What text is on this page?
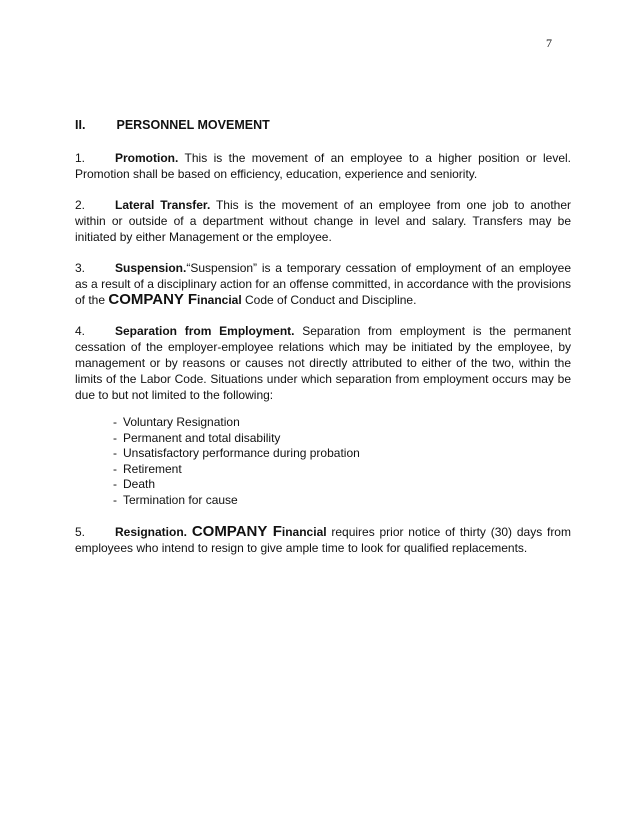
7
II. PERSONNEL MOVEMENT

1. Promotion. This is the movement of an employee to a higher position or level. Promotion shall be based on efficiency, education, experience and seniority.

2. Lateral Transfer. This is the movement of an employee from one job to another within or outside of a department without change in level and salary. Transfers may be initiated by either Management or the employee.

3. Suspension.“Suspension” is a temporary cessation of employment of an employee as a result of a disciplinary action for an offense committed, in accordance with the provisions of the COMPANY Financial Code of Conduct and Discipline.

4. Separation from Employment. Separation from employment is the permanent cessation of the employer-employee relations which may be initiated by the employee, by management or by reasons or causes not directly attributed to either of the two, within the limits of the Labor Code. Situations under which separation from employment occurs may be due to but not limited to the following:

- Voluntary Resignation
- Permanent and total disability
- Unsatisfactory performance during probation
- Retirement
- Death
- Termination for cause

5. Resignation. COMPANY Financial requires prior notice of thirty (30) days from employees who intend to resign to give ample time to look for qualified replacements.
